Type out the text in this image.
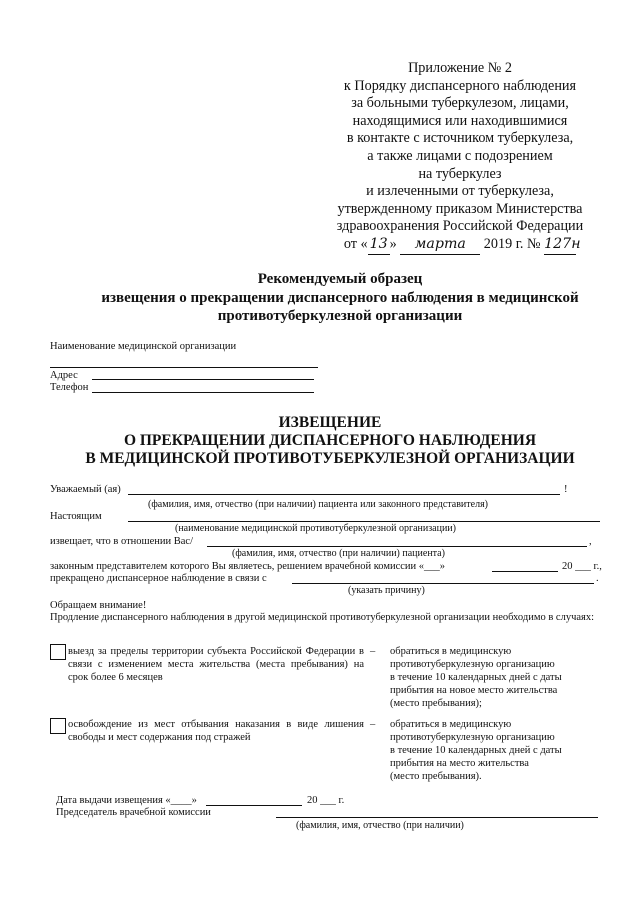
Приложение № 2
к Порядку диспансерного наблюдения
за больными туберкулезом, лицами,
находящимися или находившимися
в контакте с источником туберкулеза,
а также лицами с подозрением
на туберкулез
и излеченными от туберкулеза,
утвержденному приказом Министерства
здравоохранения Российской Федерации
от « 13 » марта 2019 г. № 127н
Рекомендуемый образец
извещения о прекращении диспансерного наблюдения в медицинской
противотуберкулезной организации
Наименование медицинской организации
Адрес
Телефон
ИЗВЕЩЕНИЕ
О ПРЕКРАЩЕНИИ ДИСПАНСЕРНОГО НАБЛЮДЕНИЯ
В МЕДИЦИНСКОЙ ПРОТИВОТУБЕРКУЛЕЗНОЙ ОРГАНИЗАЦИИ
Уважаемый (ая)	!
(фамилия, имя, отчество (при наличии) пациента или законного представителя)
Настоящим
(наименование медицинской противотуберкулезной организации)
извещает, что в отношении Вас/	,
(фамилия, имя, отчество (при наличии) пациента)
законным представителем которого Вы являетесь, решением врачебной комиссии «___»	20 ___ г.,
прекращено диспансерное наблюдение в связи с	.
(указать причину)
Обращаем внимание!
Продление диспансерного наблюдения в другой медицинской противотуберкулезной организации необходимо в случаях:
выезд за пределы территории субъекта Российской Федерации в связи с изменением места жительства (места пребывания) на срок более 6 месяцев
– обратиться в медицинскую
противотуберкулезную организацию
в течение 10 календарных дней с даты
прибытия на новое место жительства
(место пребывания);
освобождение из мест отбывания наказания в виде лишения свободы и мест содержания под стражей
– обратиться в медицинскую
противотуберкулезную организацию
в течение 10 календарных дней с даты
прибытия на место жительства
(место пребывания).
Дата выдачи извещения «____»	20 ___ г.
Председатель врачебной комиссии
(фамилия, имя, отчество (при наличии)
